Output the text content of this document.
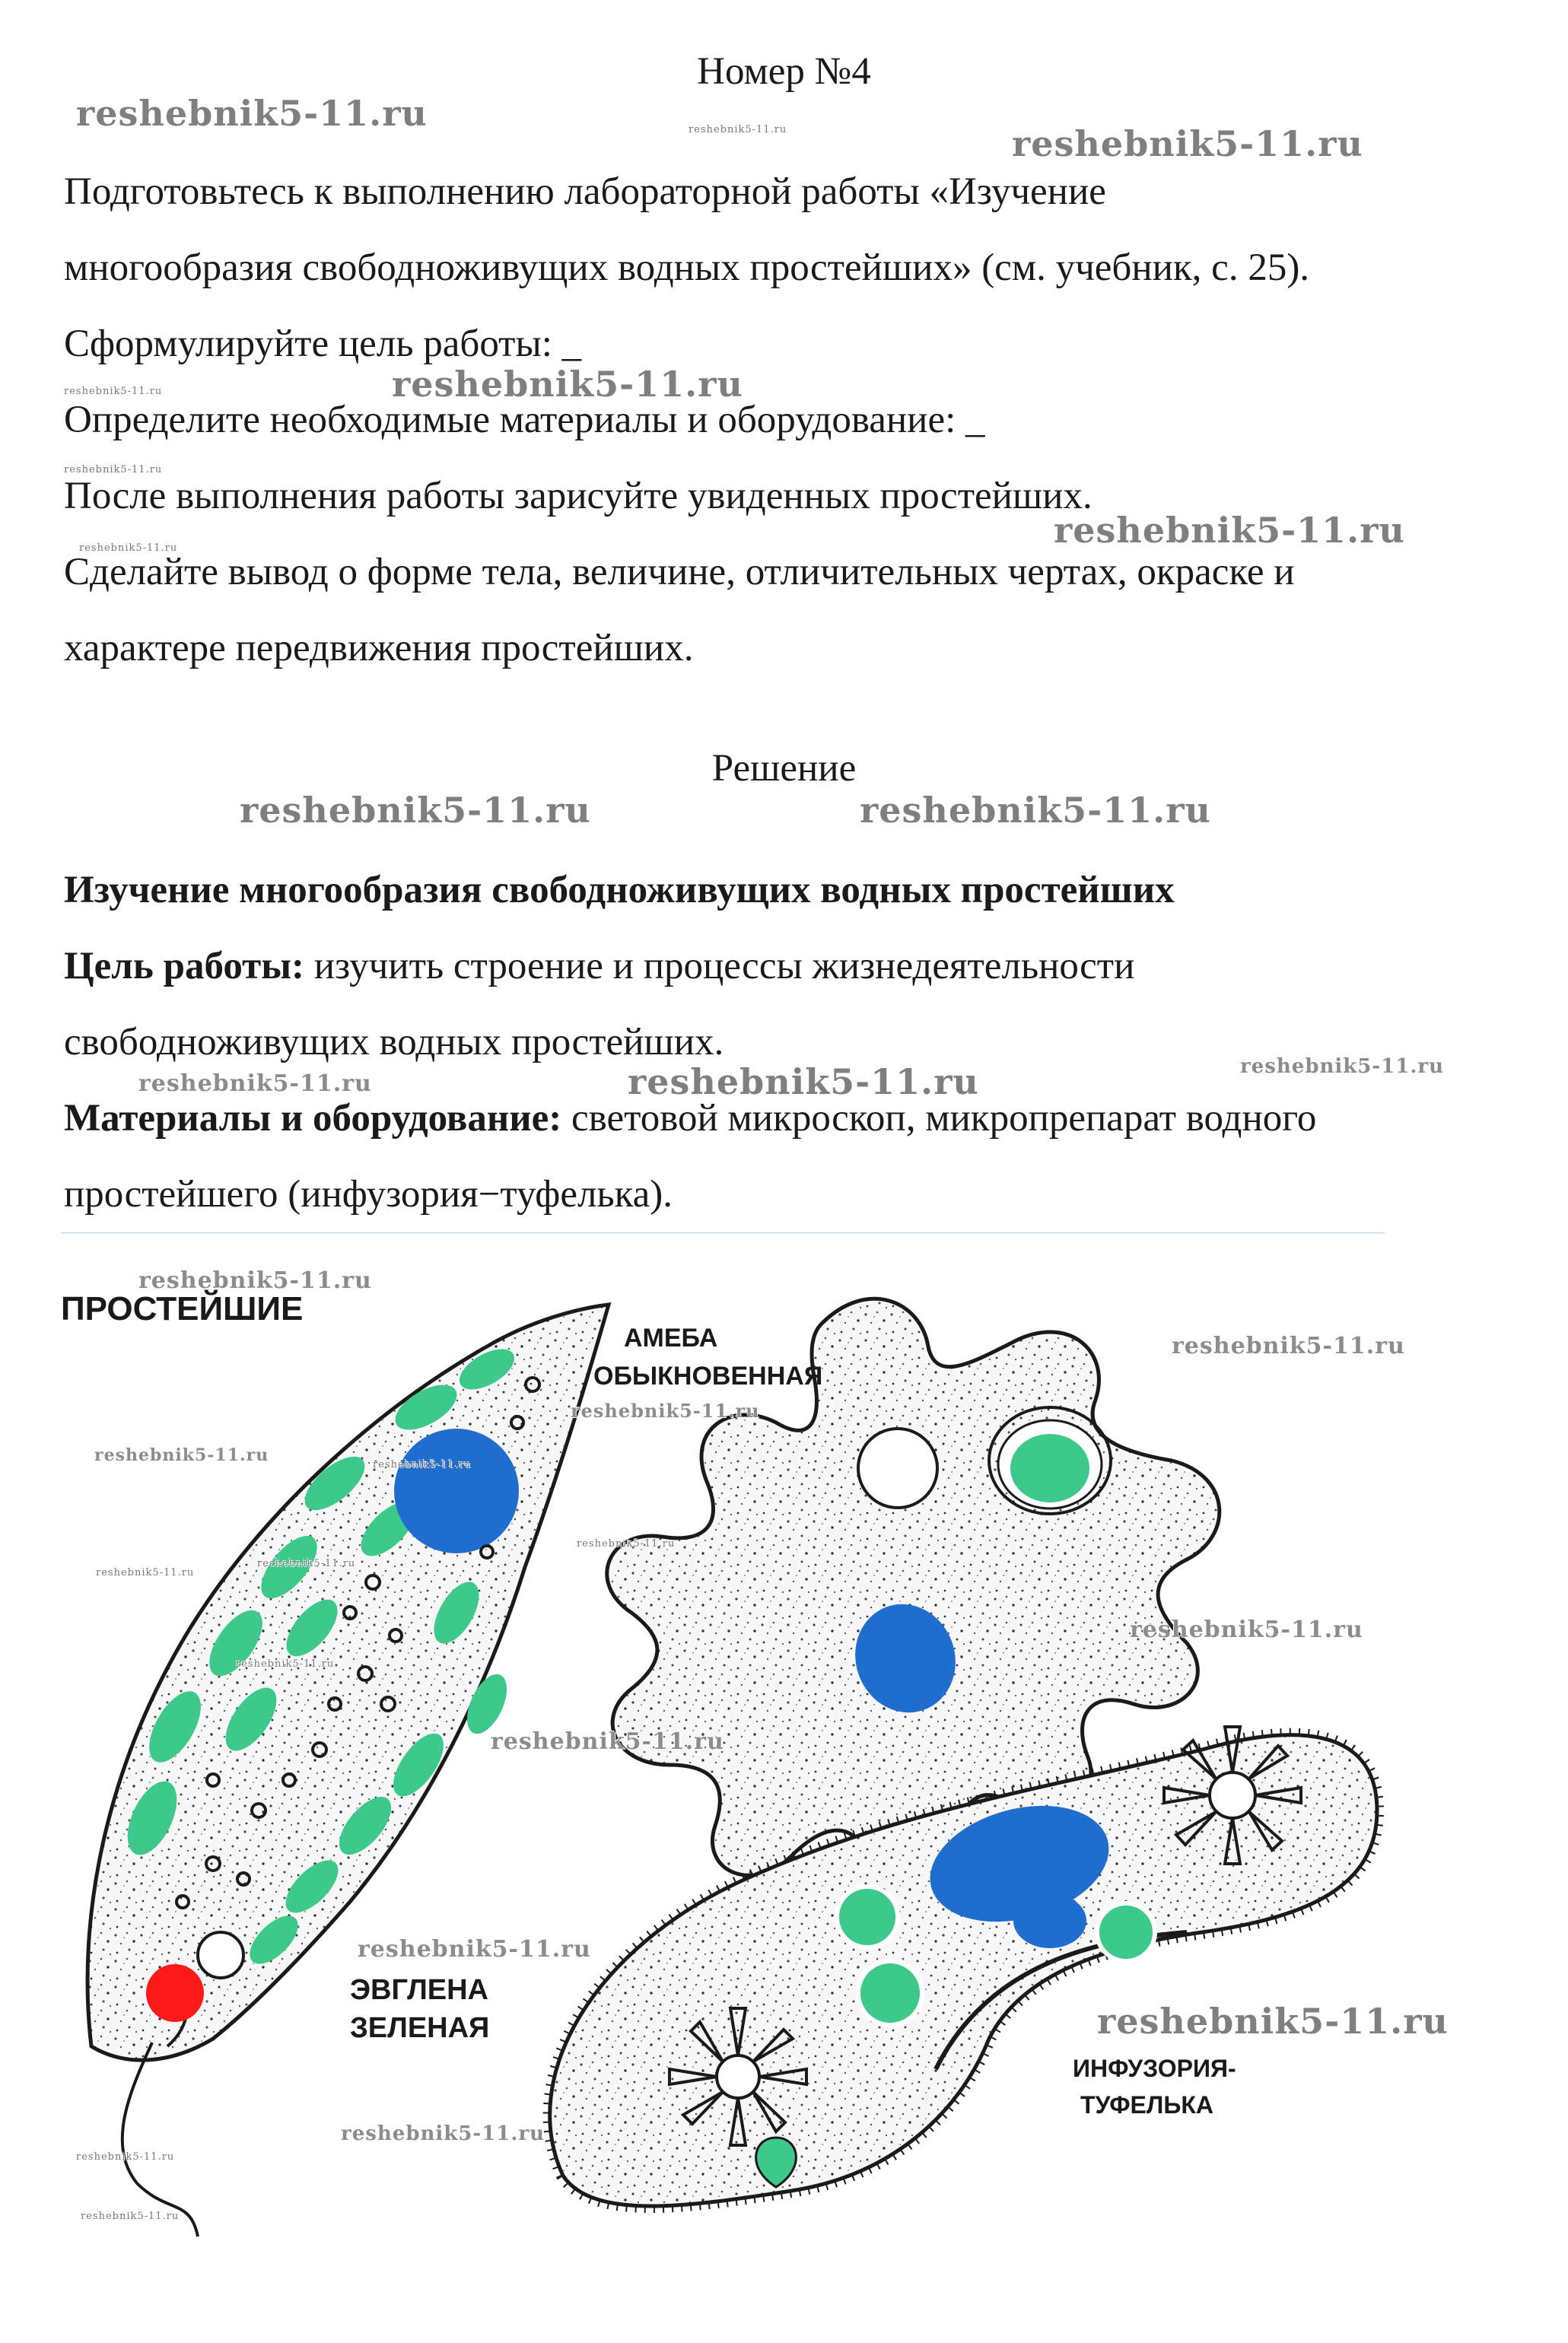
Номер №4
Подготовьтесь к выполнению лабораторной работы «Изучение
многообразия свободноживущих водных простейших» (см. учебник, с. 25).
Сформулируйте цель работы: _
Определите необходимые материалы и оборудование: _
После выполнения работы зарисуйте увиденных простейших.
Сделайте вывод о форме тела, величине, отличительных чертах, окраске и
характере передвижения простейших.
Решение
Изучение многообразия свободноживущих водных простейших
Цель работы: изучить строение и процессы жизнедеятельности
свободноживущих водных простейших.
Материалы и оборудование: световой микроскоп, микропрепарат водного
простейшего (инфузория−туфелька).
ПРОСТЕЙШИЕ
ЭВГЛЕНА
ЗЕЛЕНАЯ
АМЕБА
ОБЫКНОВЕННАЯ
ИНФУЗОРИЯ-
ТУФЕЛЬКА
reshebnik5-11.ru	reshebnik5-11.ru	reshebnik5-11.ru
reshebnik5-11.ru	reshebnik5-11.ru
reshebnik5-11.ru
reshebnik5-11.ru	reshebnik5-11.ru
reshebnik5-11.ru	reshebnik5-11.ru
reshebnik5-11.ru	reshebnik5-11.ru	reshebnik5-11.ru
reshebnik5-11.ru
reshebnik5-11.ru
reshebnik5-11.ru
reshebnik5-11.ru	reshebnik5-11.ru
reshebnik5-11.ru
reshebnik5-11.ru
reshebnik5-11.ru
reshebnik5-11.ru
reshebnik5-11.ru
reshebnik5-11.ru
reshebnik5-11.ru
reshebnik5-11.ru
reshebnik5-11.ru
reshebnik5-11.ru
reshebnik5-11.ru
